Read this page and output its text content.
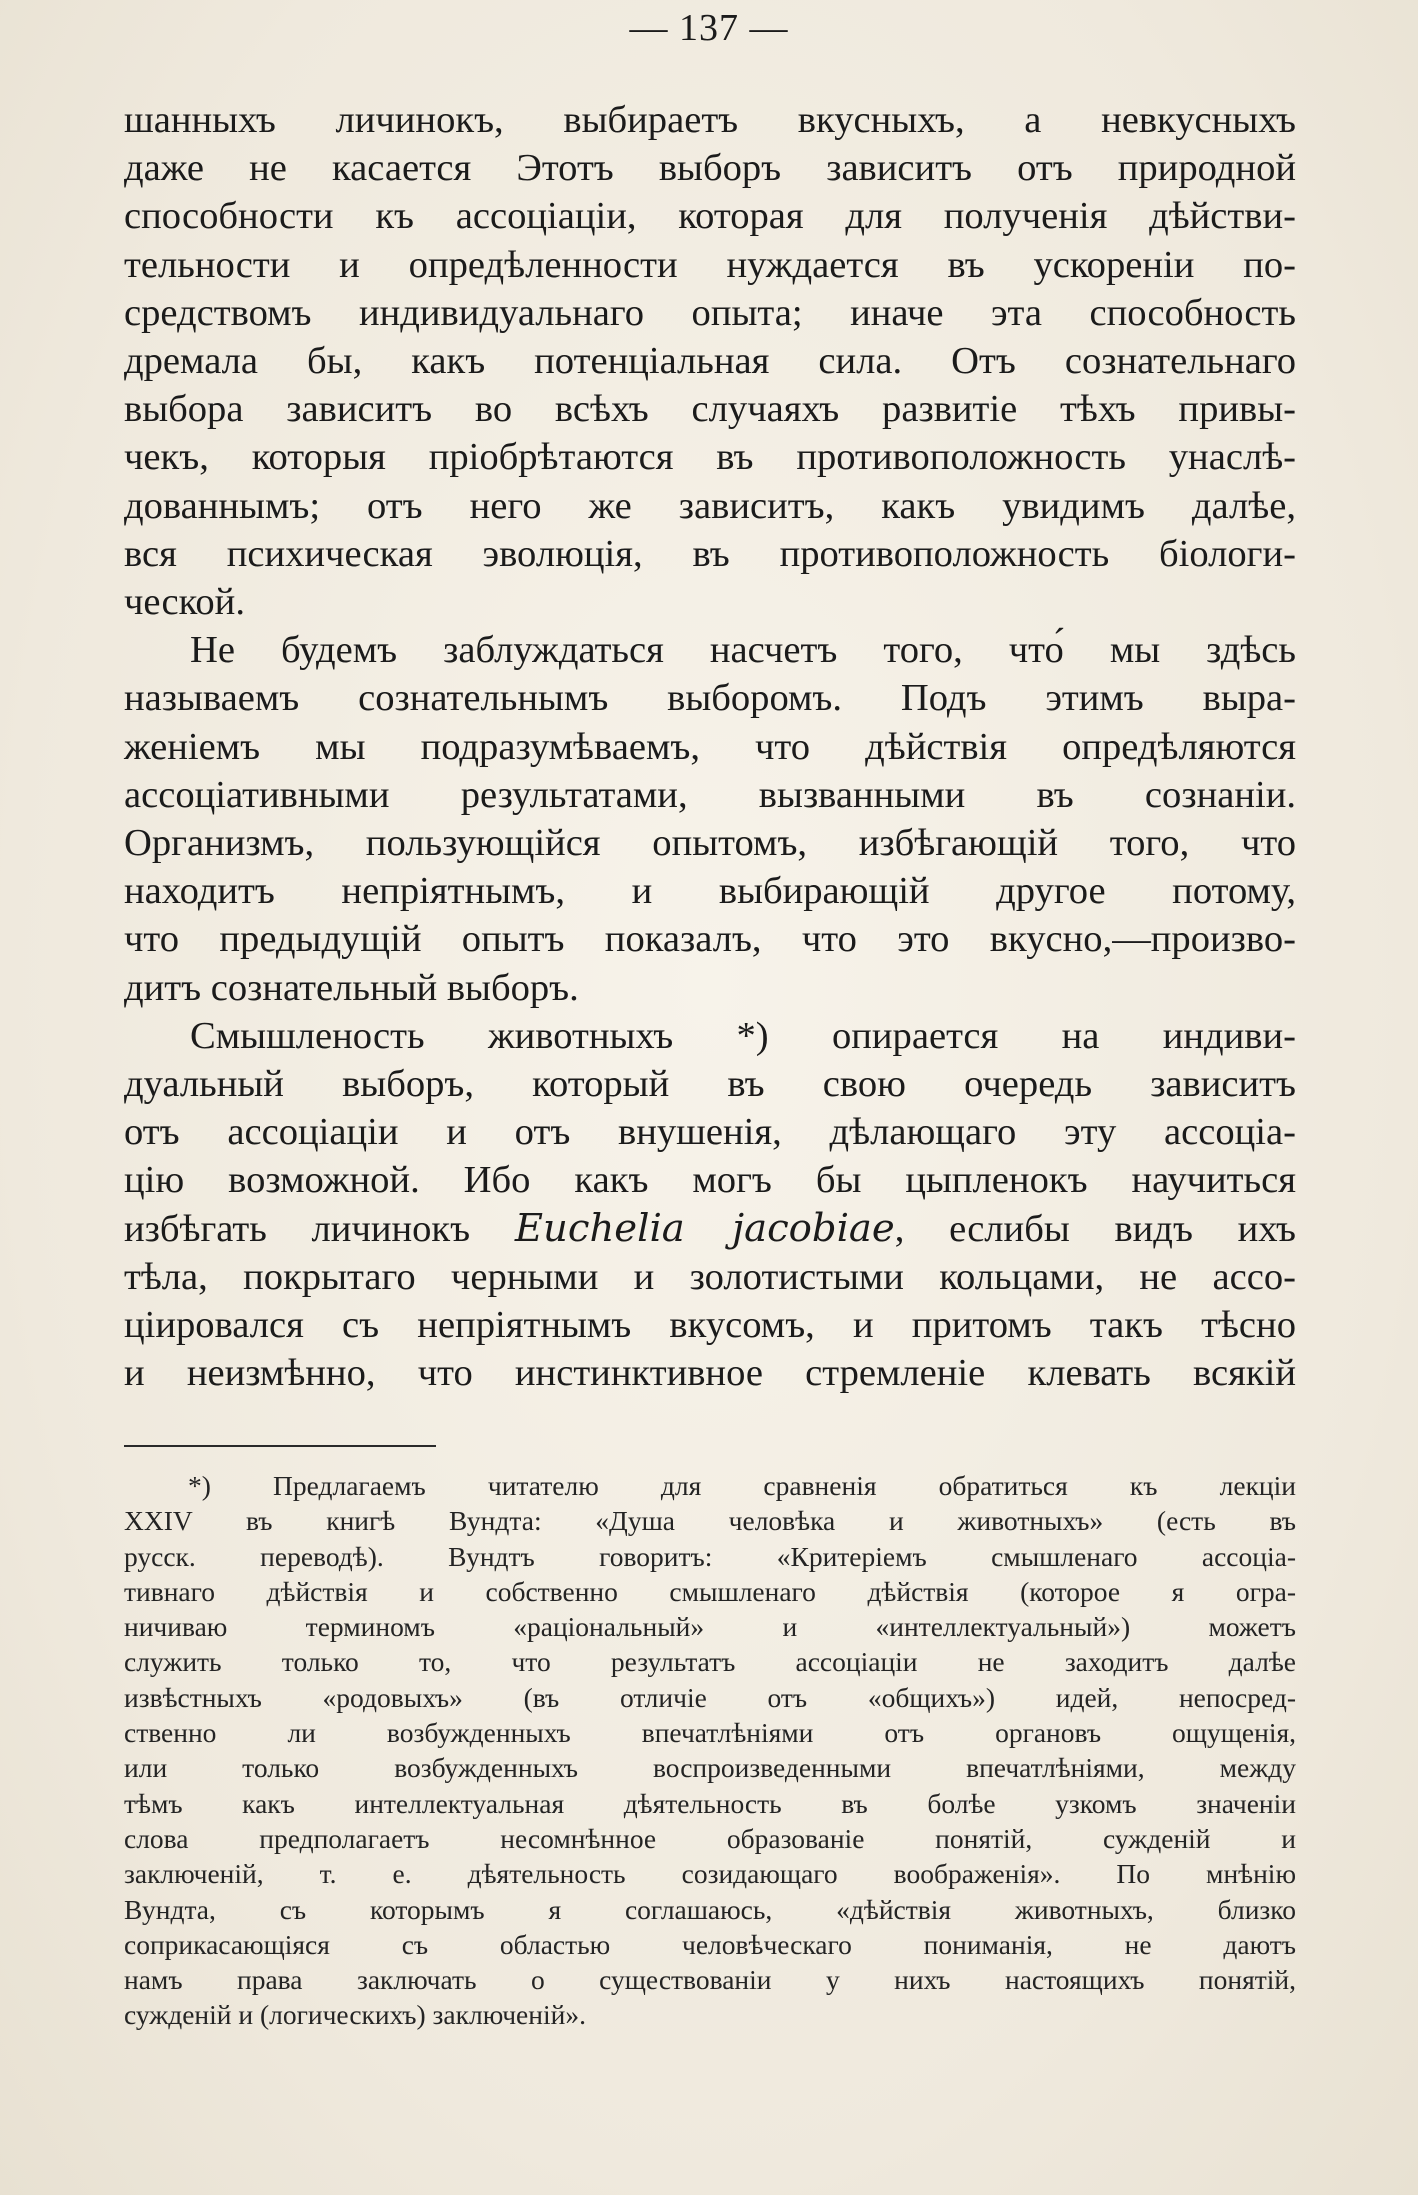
— 137 —
шанныхъ личинокъ, выбираетъ вкусныхъ, а невкусныхъ
даже не касается Этотъ выборъ зависитъ отъ природной
способности къ ассоціаціи, которая для полученія дѣйстви-
тельности и опредѣленности нуждается въ ускореніи по-
средствомъ индивидуальнаго опыта; иначе эта способность
дремала бы, какъ потенціальная сила. Отъ сознательнаго
выбора зависитъ во всѣхъ случаяхъ развитіе тѣхъ привы-
чекъ, которыя пріобрѣтаются въ противоположность унаслѣ-
дованнымъ; отъ него же зависитъ, какъ увидимъ далѣе,
вся психическая эволюція, въ противоположность біологи-
ческой.
Не будемъ заблуждаться насчетъ того, что́ мы здѣсь
называемъ сознательнымъ выборомъ. Подъ этимъ выра-
женіемъ мы подразумѣваемъ, что дѣйствія опредѣляются
ассоціативными результатами, вызванными въ сознаніи.
Организмъ, пользующійся опытомъ, избѣгающій того, что
находитъ непріятнымъ, и выбирающій другое потому,
что предыдущій опытъ показалъ, что это вкусно,—произво-
дитъ сознательный выборъ.
Смышленость животныхъ *) опирается на индиви-
дуальный выборъ, который въ свою очередь зависитъ
отъ ассоціаціи и отъ внушенія, дѣлающаго эту ассоціа-
цію возможной. Ибо какъ могъ бы цыпленокъ научиться
избѣгать личинокъ Euchelia jacobiae, еслибы видъ ихъ
тѣла, покрытаго черными и золотистыми кольцами, не ассо-
ціировался съ непріятнымъ вкусомъ, и притомъ такъ тѣсно
и неизмѣнно, что инстинктивное стремленіе клевать всякій
*) Предлагаемъ читателю для сравненія обратиться къ лекціи
XXIV въ книгѣ Вундта: «Душа человѣка и животныхъ» (есть въ
русск. переводѣ). Вундтъ говоритъ: «Критеріемъ смышленаго ассоціа-
тивнаго дѣйствія и собственно смышленаго дѣйствія (которое я огра-
ничиваю терминомъ «раціональный» и «интеллектуальный») можетъ
служить только то, что результатъ ассоціаціи не заходитъ далѣе
извѣстныхъ «родовыхъ» (въ отличіе отъ «общихъ») идей, непосред-
ственно ли возбужденныхъ впечатлѣніями отъ органовъ ощущенія,
или только возбужденныхъ воспроизведенными впечатлѣніями, между
тѣмъ какъ интеллектуальная дѣятельность въ болѣе узкомъ значеніи
слова предполагаетъ несомнѣнное образованіе понятій, сужденій и
заключеній, т. е. дѣятельность созидающаго воображенія». По мнѣнію
Вундта, съ которымъ я соглашаюсь, «дѣйствія животныхъ, близко
соприкасающіяся съ областью человѣческаго пониманія, не даютъ
намъ права заключать о существованіи у нихъ настоящихъ понятій,
сужденій и (логическихъ) заключеній».
